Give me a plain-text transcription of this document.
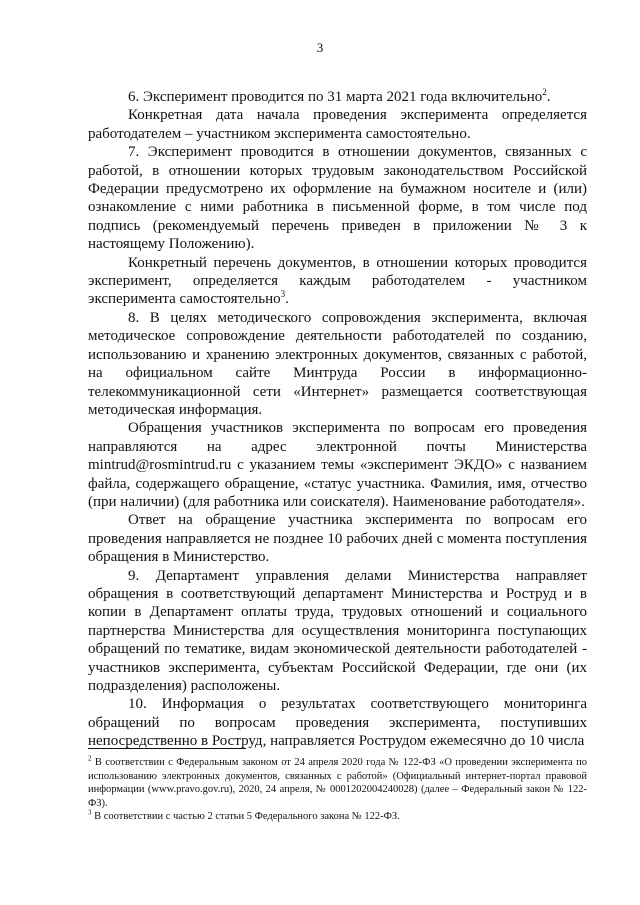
3

6. Эксперимент проводится по 31 марта 2021 года включительно$^2$.

Конкретная дата начала проведения эксперимента определяется работодателем – участником эксперимента самостоятельно.

7. Эксперимент проводится в отношении документов, связанных с работой, в отношении которых трудовым законодательством Российской Федерации предусмотрено их оформление на бумажном носителе и (или) ознакомление с ними работника в письменной форме, в том числе под подпись (рекомендуемый перечень приведен в приложении № 3 к настоящему Положению).

Конкретный перечень документов, в отношении которых проводится эксперимент, определяется каждым работодателем - участником эксперимента самостоятельно$^3$.

8. В целях методического сопровождения эксперимента, включая методическое сопровождение деятельности работодателей по созданию, использованию и хранению электронных документов, связанных с работой, на официальном сайте Минтруда России в информационно-телекоммуникационной сети «Интернет» размещается соответствующая методическая информация.

Обращения участников эксперимента по вопросам его проведения направляются на адрес электронной почты Министерства mintrud@rosmintrud.ru с указанием темы «эксперимент ЭКДО» с названием файла, содержащего обращение, «статус участника. Фамилия, имя, отчество (при наличии) (для работника или соискателя). Наименование работодателя».

Ответ на обращение участника эксперимента по вопросам его проведения направляется не позднее 10 рабочих дней с момента поступления обращения в Министерство.

9. Департамент управления делами Министерства направляет обращения в соответствующий департамент Министерства и Роструд и в копии в Департамент оплаты труда, трудовых отношений и социального партнерства Министерства для осуществления мониторинга поступающих обращений по тематике, видам экономической деятельности работодателей - участников эксперимента, субъектам Российской Федерации, где они (их подразделения) расположены.

10. Информация о результатах соответствующего мониторинга обращений по вопросам проведения эксперимента, поступивших непосредственно в Роструд, направляется Рострудом ежемесячно до 10 числа

$^2$ В соответствии с Федеральным законом от 24 апреля 2020 года № 122-ФЗ «О проведении эксперимента по использованию электронных документов, связанных с работой» (Официальный интернет-портал правовой информации (www.pravo.gov.ru), 2020, 24 апреля, № 0001202004240028) (далее – Федеральный закон № 122-ФЗ).

$^3$ В соответствии с частью 2 статьи 5 Федерального закона № 122-ФЗ.
